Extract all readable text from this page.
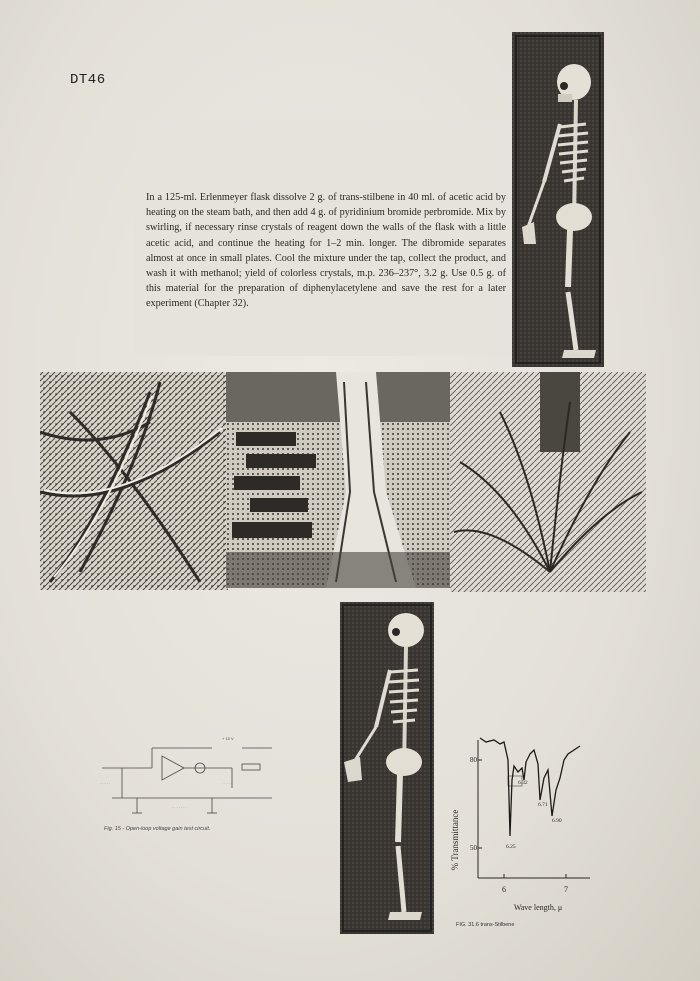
DT46

In a 125-ml. Erlenmeyer flask dissolve 2 g. of trans-stilbene in 40 ml. of acetic acid by heating on the steam bath, and then add 4 g. of pyridinium bromide perbromide. Mix by swirling, if necessary rinse crystals of reagent down the walls of the flask with a little acetic acid, and continue the heating for 1–2 min. longer. The dibromide separates almost at once in small plates. Cool the mixture under the tap, collect the product, and wash it with methanol; yield of colorless crystals, m.p. 236–237°, 3.2 g. Use 0.5 g. of this material for the preparation of diphenylacetylene and save the rest for a later experiment (Chapter 32).

+ 15 V
. . . . .
. . . . . . .
. . . . .
Fig. 15 - Open-loop voltage gain test circuit.	% Transmittance
80
50
6	7
Wave length, μ
6.25
6.32
6.71
6.90
FIG. 31.6 trans-Stilbene
